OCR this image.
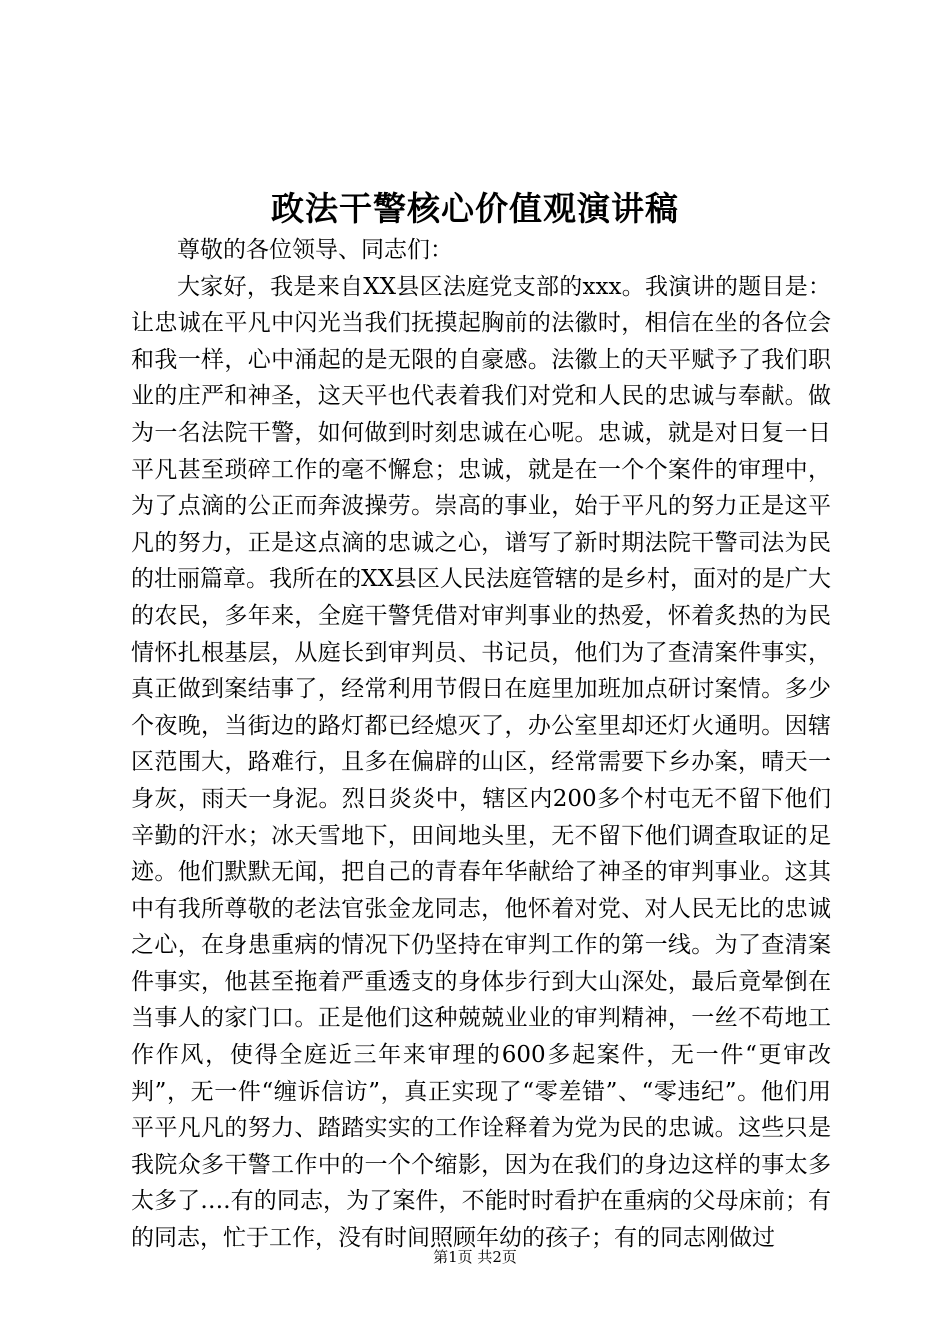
政法干警核心价值观演讲稿

尊敬的各位领导、同志们：

大家好，我是来自XX县区法庭党支部的xxx。我演讲的题目是：让忠诚在平凡中闪光当我们抚摸起胸前的法徽时，相信在坐的各位会和我一样，心中涌起的是无限的自豪感。法徽上的天平赋予了我们职业的庄严和神圣，这天平也代表着我们对党和人民的忠诚与奉献。做为一名法院干警，如何做到时刻忠诚在心呢。忠诚，就是对日复一日平凡甚至琐碎工作的毫不懈怠；忠诚，就是在一个个案件的审理中，为了点滴的公正而奔波操劳。崇高的事业，始于平凡的努力正是这平凡的努力，正是这点滴的忠诚之心，谱写了新时期法院干警司法为民的壮丽篇章。我所在的XX县区人民法庭管辖的是乡村，面对的是广大的农民，多年来，全庭干警凭借对审判事业的热爱，怀着炙热的为民情怀扎根基层，从庭长到审判员、书记员，他们为了查清案件事实，真正做到案结事了，经常利用节假日在庭里加班加点研讨案情。多少个夜晚，当街边的路灯都已经熄灭了，办公室里却还灯火通明。因辖区范围大，路难行，且多在偏辟的山区，经常需要下乡办案，晴天一身灰，雨天一身泥。烈日炎炎中，辖区内200多个村屯无不留下他们辛勤的汗水；冰天雪地下，田间地头里，无不留下他们调查取证的足迹。他们默默无闻，把自己的青春年华献给了神圣的审判事业。这其中有我所尊敬的老法官张金龙同志，他怀着对党、对人民无比的忠诚之心，在身患重病的情况下仍坚持在审判工作的第一线。为了查清案件事实，他甚至拖着严重透支的身体步行到大山深处，最后竟晕倒在当事人的家门口。正是他们这种兢兢业业的审判精神，一丝不苟地工作作风，使得全庭近三年来审理的600多起案件，无一件“更审改判”，无一件“缠诉信访”，真正实现了“零差错”、“零违纪”。他们用平平凡凡的努力、踏踏实实的工作诠释着为党为民的忠诚。这些只是我院众多干警工作中的一个个缩影，因为在我们的身边这样的事太多太多了….有的同志，为了案件，不能时时看护在重病的父母床前；有的同志，忙于工作，没有时间照顾年幼的孩子；有的同志刚做过

第1页 共2页
